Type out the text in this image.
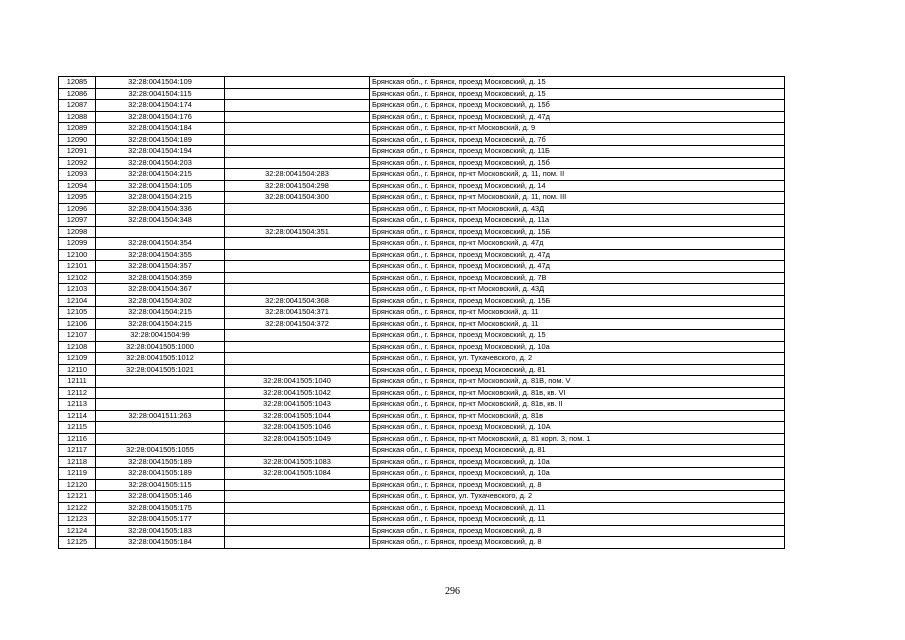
12085	32:28:0041504:109		Брянская обл., г. Брянск, проезд Московский, д. 15
12086	32:28:0041504:115		Брянская обл., г. Брянск, проезд Московский, д. 15
12087	32:28:0041504:174		Брянская обл., г. Брянск, проезд Московский, д. 15б
12088	32:28:0041504:176		Брянская обл., г. Брянск, проезд Московский, д. 47д
12089	32:28:0041504:184		Брянская обл., г. Брянск, пр-кт Московский, д. 9
12090	32:28:0041504:189		Брянская обл., г. Брянск, проезд Московский, д. 7б
12091	32:28:0041504:194		Брянская обл., г. Брянск, проезд Московский, д. 11Б
12092	32:28:0041504:203		Брянская обл., г. Брянск, проезд Московский, д. 15б
12093	32:28:0041504:215	32:28:0041504:283	Брянская обл., г. Брянск, пр-кт Московский, д. 11, пом. II
12094	32:28:0041504:105	32:28:0041504:298	Брянская обл., г. Брянск, проезд Московский, д. 14
12095	32:28:0041504:215	32:28:0041504:300	Брянская обл., г. Брянск, пр-кт Московский, д. 11, пом. III
12096	32:28:0041504:336		Брянская обл., г. Брянск, пр-кт Московский, д. 43Д
12097	32:28:0041504:348		Брянская обл., г. Брянск, проезд Московский, д. 11а
12098		32:28:0041504:351	Брянская обл., г. Брянск, проезд Московский, д. 15Б
12099	32:28:0041504:354		Брянская обл., г. Брянск, пр-кт Московский, д. 47д
12100	32:28:0041504:355		Брянская обл., г. Брянск, проезд Московский, д. 47д
12101	32:28:0041504:357		Брянская обл., г. Брянск, проезд Московский, д. 47д
12102	32:28:0041504:359		Брянская обл., г. Брянск, проезд Московский, д. 7В
12103	32:28:0041504:367		Брянская обл., г. Брянск, пр-кт Московский, д. 43Д
12104	32:28:0041504:302	32:28:0041504:368	Брянская обл., г. Брянск, проезд Московский, д. 15Б
12105	32:28:0041504:215	32:28:0041504:371	Брянская обл., г. Брянск, пр-кт Московский, д. 11
12106	32:28:0041504:215	32:28:0041504:372	Брянская обл., г. Брянск, пр-кт Московский, д. 11
12107	32:28:0041504:99		Брянская обл., г. Брянск, проезд Московский, д. 15
12108	32:28:0041505:1000		Брянская обл., г. Брянск, проезд Московский, д. 10а
12109	32:28:0041505:1012		Брянская обл., г. Брянск, ул. Тухачевского, д. 2
12110	32:28:0041505:1021		Брянская обл., г. Брянск, проезд Московский, д. 81
12111		32:28:0041505:1040	Брянская обл., г. Брянск, пр-кт Московский, д. 81В, пом. V
12112		32:28:0041505:1042	Брянская обл., г. Брянск, пр-кт Московский, д. 81в, кв. VI
12113		32:28:0041505:1043	Брянская обл., г. Брянск, пр-кт Московский, д. 81в, кв. II
12114	32:28:0041511:263	32:28:0041505:1044	Брянская обл., г. Брянск, пр-кт Московский, д. 81в
12115		32:28:0041505:1046	Брянская обл., г. Брянск, проезд Московский, д. 10А
12116		32:28:0041505:1049	Брянская обл., г. Брянск, пр-кт Московский, д. 81 корп. 3, пом. 1
12117	32:28:0041505:1055		Брянская обл., г. Брянск, проезд Московский, д. 81
12118	32:28:0041505:189	32:28:0041505:1083	Брянская обл., г. Брянск, проезд Московский, д. 10а
12119	32:28:0041505:189	32:28:0041505:1084	Брянская обл., г. Брянск, проезд Московский, д. 10а
12120	32:28:0041505:115		Брянская обл., г. Брянск, проезд Московский, д. 8
12121	32:28:0041505:146		Брянская обл., г. Брянск, ул. Тухачевского, д. 2
12122	32:28:0041505:175		Брянская обл., г. Брянск, проезд Московский, д. 11
12123	32:28:0041505:177		Брянская обл., г. Брянск, проезд Московский, д. 11
12124	32:28:0041505:183		Брянская обл., г. Брянск, проезд Московский, д. 8
12125	32:28:0041505:184		Брянская обл., г. Брянск, проезд Московский, д. 8
296
